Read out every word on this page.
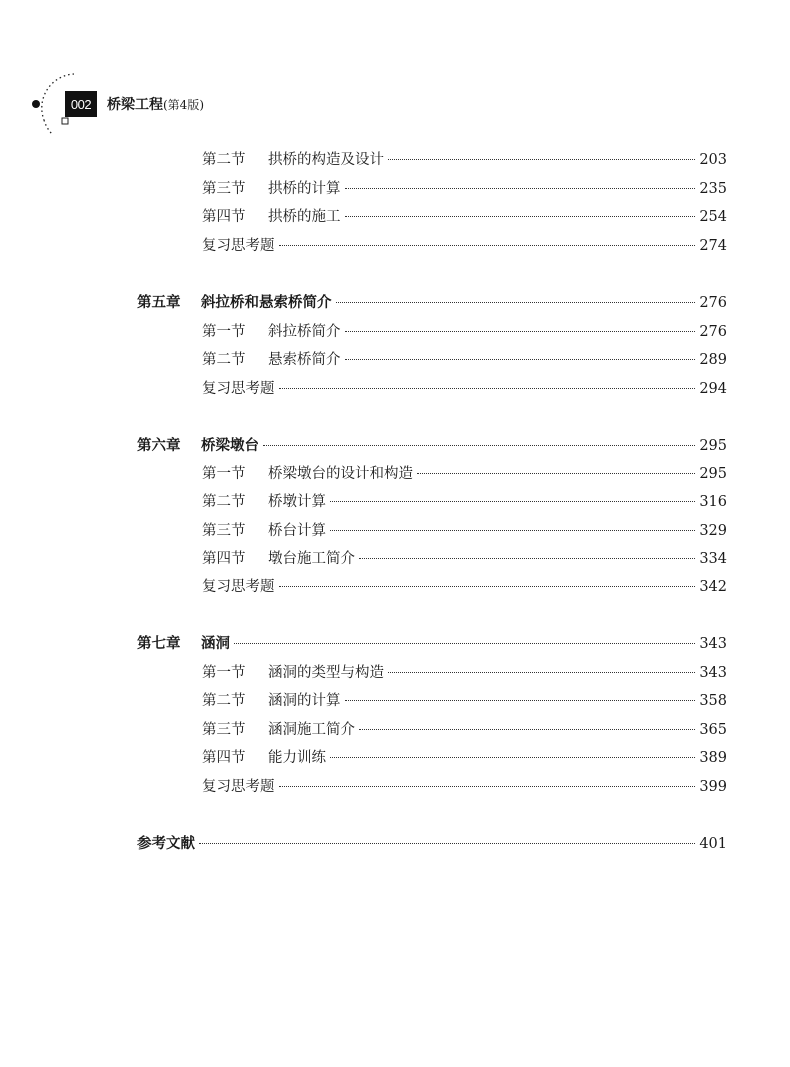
002	桥梁工程(第4版)
第二节 拱桥的构造及设计	203
第三节 拱桥的计算	235
第四节 拱桥的施工	254
复习思考题	274
第五章 斜拉桥和悬索桥简介	276
第一节 斜拉桥简介	276
第二节 悬索桥简介	289
复习思考题	294
第六章 桥梁墩台	295
第一节 桥梁墩台的设计和构造	295
第二节 桥墩计算	316
第三节 桥台计算	329
第四节 墩台施工简介	334
复习思考题	342
第七章 涵洞	343
第一节 涵洞的类型与构造	343
第二节 涵洞的计算	358
第三节 涵洞施工简介	365
第四节 能力训练	389
复习思考题	399
参考文献	401
